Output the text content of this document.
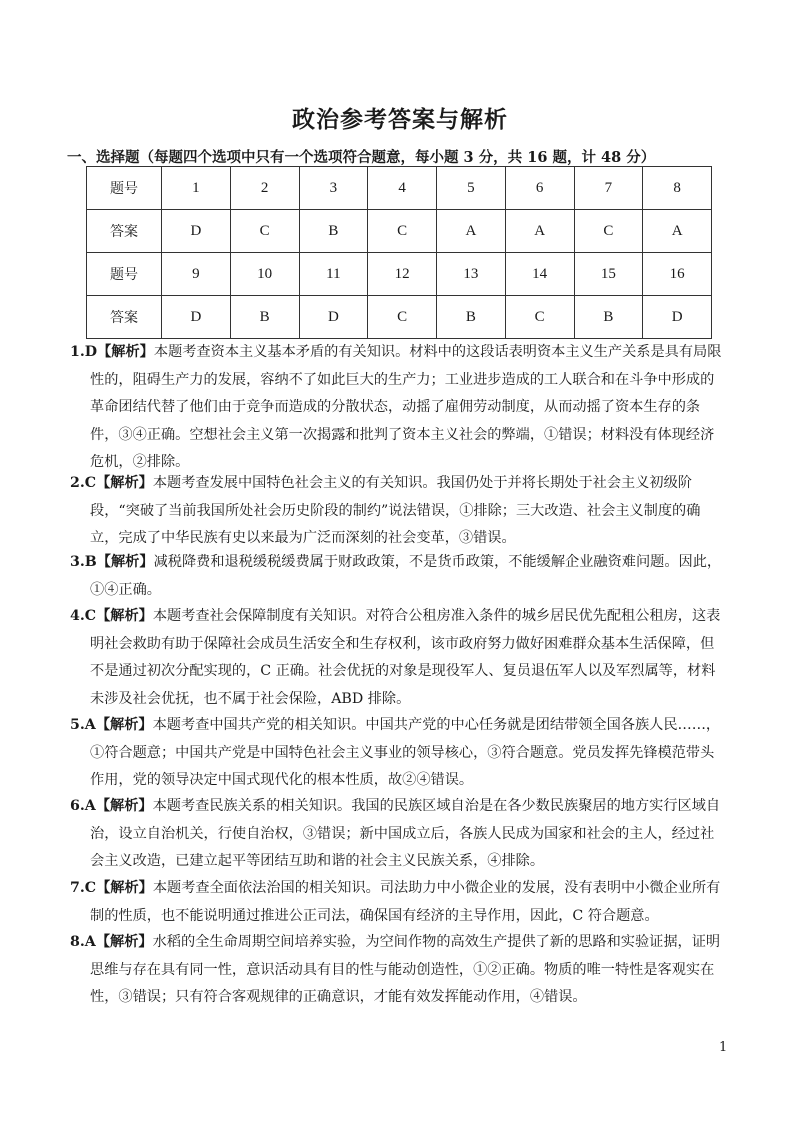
政治参考答案与解析
一、选择题（每题四个选项中只有一个选项符合题意，每小题 3 分，共 16 题，计 48 分）
题号	1	2	3	4	5	6	7	8
答案	D	C	B	C	A	A	C	A
题号	9	10	11	12	13	14	15	16
答案	D	B	D	C	B	C	B	D

1.D【解析】本题考查资本主义基本矛盾的有关知识。材料中的这段话表明资本主义生产关系是具有局限性的，阻碍生产力的发展，容纳不了如此巨大的生产力；工业进步造成的工人联合和在斗争中形成的革命团结代替了他们由于竞争而造成的分散状态，动摇了雇佣劳动制度，从而动摇了资本生存的条件，③④正确。空想社会主义第一次揭露和批判了资本主义社会的弊端，①错误；材料没有体现经济危机，②排除。

2.C【解析】本题考查发展中国特色社会主义的有关知识。我国仍处于并将长期处于社会主义初级阶段，“突破了当前我国所处社会历史阶段的制约”说法错误，①排除；三大改造、社会主义制度的确立，完成了中华民族有史以来最为广泛而深刻的社会变革，③错误。

3.B【解析】减税降费和退税缓税缓费属于财政政策，不是货币政策，不能缓解企业融资难问题。因此，①④正确。

4.C【解析】本题考查社会保障制度有关知识。对符合公租房准入条件的城乡居民优先配租公租房，这表明社会救助有助于保障社会成员生活安全和生存权利，该市政府努力做好困难群众基本生活保障，但不是通过初次分配实现的，C 正确。社会优抚的对象是现役军人、复员退伍军人以及军烈属等，材料未涉及社会优抚，也不属于社会保险，ABD 排除。

5.A【解析】本题考查中国共产党的相关知识。中国共产党的中心任务就是团结带领全国各族人民……，①符合题意；中国共产党是中国特色社会主义事业的领导核心，③符合题意。党员发挥先锋模范带头作用，党的领导决定中国式现代化的根本性质，故②④错误。

6.A【解析】本题考查民族关系的相关知识。我国的民族区域自治是在各少数民族聚居的地方实行区域自治，设立自治机关，行使自治权，③错误；新中国成立后，各族人民成为国家和社会的主人，经过社会主义改造，已建立起平等团结互助和谐的社会主义民族关系，④排除。

7.C【解析】本题考查全面依法治国的相关知识。司法助力中小微企业的发展，没有表明中小微企业所有制的性质，也不能说明通过推进公正司法，确保国有经济的主导作用，因此，C 符合题意。

8.A【解析】水稻的全生命周期空间培养实验，为空间作物的高效生产提供了新的思路和实验证据，证明思维与存在具有同一性，意识活动具有目的性与能动创造性，①②正确。物质的唯一特性是客观实在性，③错误；只有符合客观规律的正确意识，才能有效发挥能动作用，④错误。

1
